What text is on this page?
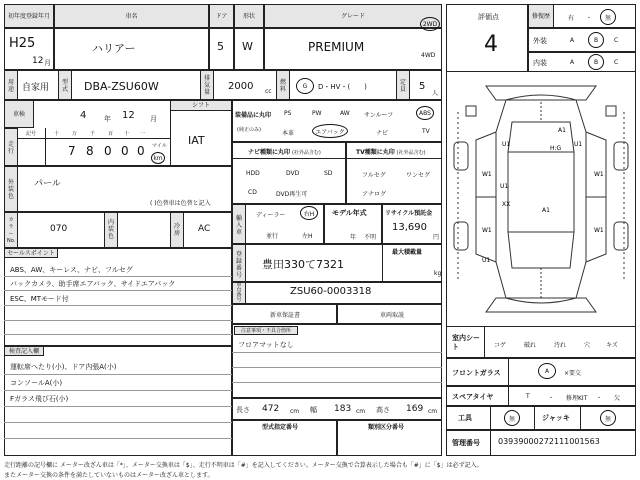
初年度登録年月	車名	ドア	形状	グレード
H25
12 月
ハリアー	5 W	PREMIUM
2WD
4WD
用途 自家用
型式 DBA-ZSU60W
排気量
2000 cc
燃料	G	D・HV・(　　)
定員 5
人
車検	4	年 12 月
シフト
IAT
走行
記号	十	万	千	百 十 一
7 8 0 0 0 マイル
km
外装色
パール
( )色替車は色替と記入
カラーNo.
070
内装色
冷房 AC
セールスポイント
ABS、AW、キーレス、ナビ、フルセグ
バックカメラ、助手席エアバック、サイドエアバック
ESC、MTモード付
検査記入欄
運転席へたり(小)、ドア内張A(小)
コンソールA(小)
Fガラス飛び石(小)
装備品に丸印
(純正のみ)
PS	PW	AW サンルーフ	ABS
本革	エアバック	ナビ	TV
ナビ種類に丸印 (社外品含む)
HDD	DVD	SD
CD	DVD再生可
TV種類に丸印 (社外品含む)
フルセグ	ワンセグ
アナログ
輸入車
ディーラー	右H
並行	左H
モデル年式
年 不明
リサイクル預託金
13,690
円
登録番号
豊田330て7321
最大積載量
kg
車台番号
ZSU60-0003318
新車保証書	車両取説
注意事項・不具合箇所
フロアマットなし
長さ 472 cm 幅 183 cm 高さ 169 cm
型式指定番号	類別区分番号
評価点
4
修復歴	有 ・	無
外装	A	B	C
内装	A	B	C
A1
H:G
U1	U1
W1	W1
U1
XX
A1
W1	W1
U1
室内シート	コゲ	破れ	汚れ	穴	キズ
フロントガラス	A	×要交
スペアタイヤ	T	・ 修理KIT ・ 欠
工具	無	ジャッキ	無
管理番号 03939000272111001563
走行距離の記号欄に メーター改ざん車は「*」、メーター交換車は「$」、走行不明車は「#」を記入してください。メーター交換で合算表示した場合も「#」に「$」は必ず記入。
またメーター交換の条件を満たしていないものはメーター改ざん車とします。
